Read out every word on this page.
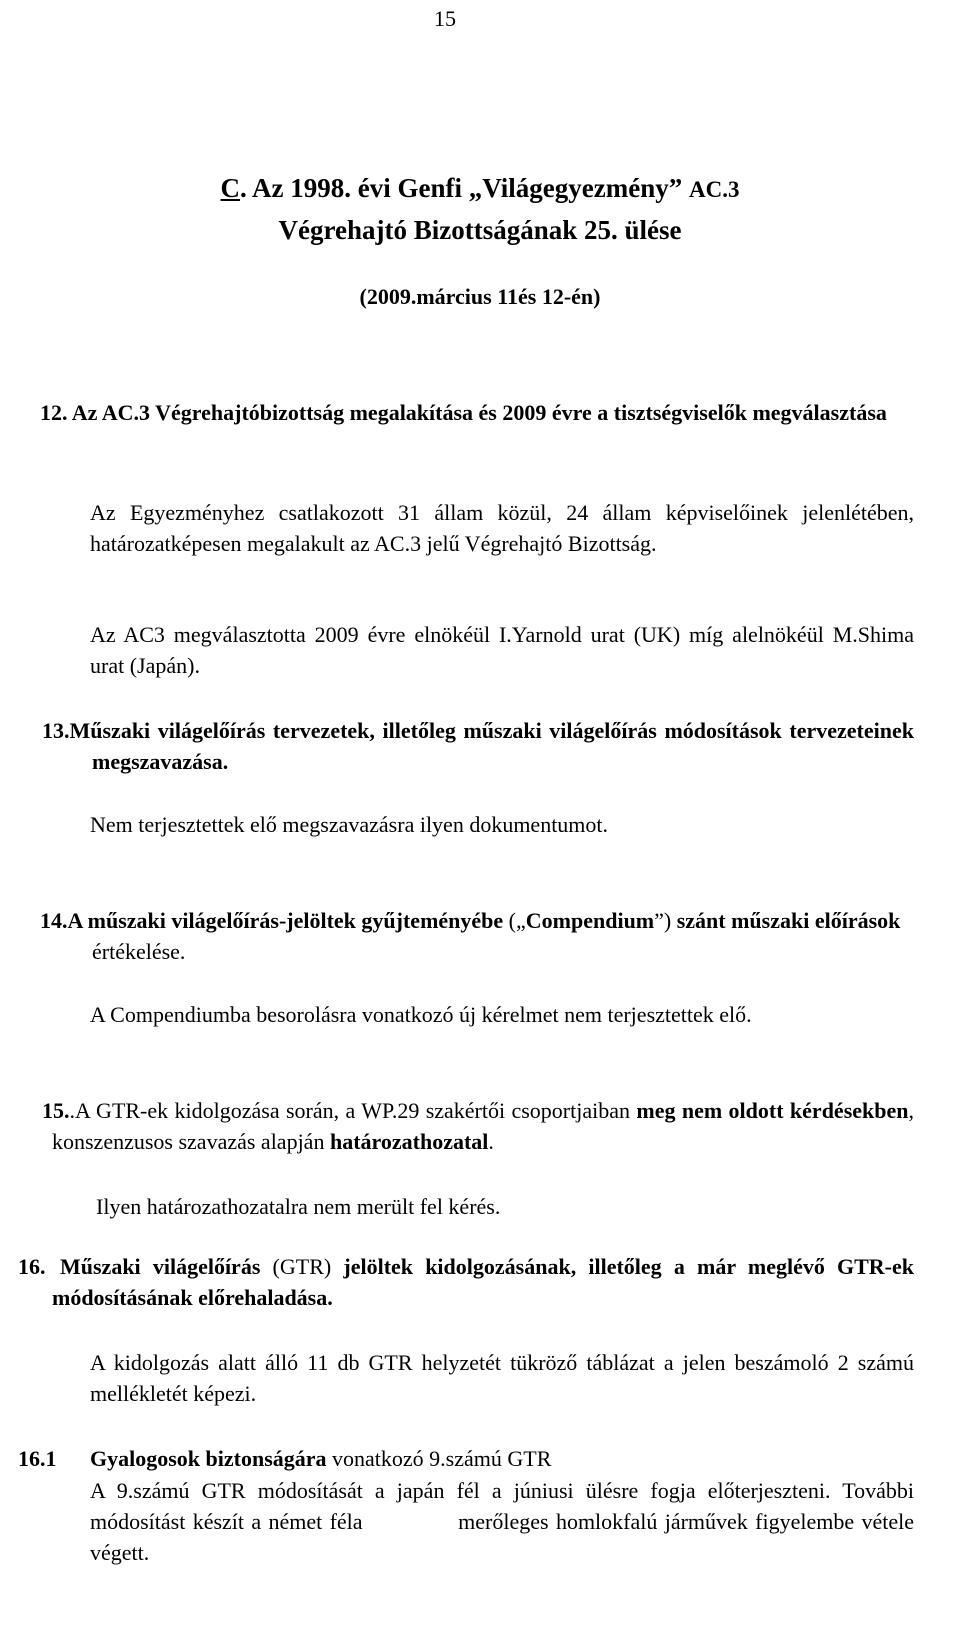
15
C. Az 1998. évi Genfi „Világegyezmény” AC.3
Végrehajtó Bizottságának 25. ülése
(2009.március 11és 12-én)
12. Az AC.3 Végrehajtóbizottság megalakítása és 2009 évre a tisztségviselők megválasztása
Az Egyezményhez csatlakozott 31 állam közül, 24 állam képviselőinek jelenlétében, határozatképesen megalakult az AC.3 jelű Végrehajtó Bizottság.
Az AC3 megválasztotta 2009 évre elnökéül I.Yarnold urat (UK) míg alelnökéül M.Shima urat (Japán).
13.Műszaki világelőírás tervezetek, illetőleg műszaki világelőírás módosítások tervezeteinek megszavazása.
Nem terjesztettek elő megszavazásra ilyen dokumentumot.
14.A műszaki világelőírás-jelöltek gyűjteményébe („Compendium”) szánt műszaki előírások értékelése.
A Compendiumba besorolásra vonatkozó új kérelmet nem terjesztettek elő.
15..A GTR-ek kidolgozása során, a WP.29 szakértői csoportjaiban meg nem oldott kérdésekben, konszenzusos szavazás alapján határozathozatal.
Ilyen határozathozatalra nem merült fel kérés.
16. Műszaki világelőírás (GTR) jelöltek kidolgozásának, illetőleg a már meglévő GTR-ek módosításának előrehaladása.
A kidolgozás alatt álló 11 db GTR helyzetét tükröző táblázat a jelen beszámoló 2 számú mellékletét képezi.
16.1 Gyalogosok biztonságára vonatkozó 9.számú GTR
A 9.számú GTR módosítását a japán fél a júniusi ülésre fogja előterjeszteni. További módosítást készít a német féla             merőleges homlokfalú járművek figyelembe vétele végett.
